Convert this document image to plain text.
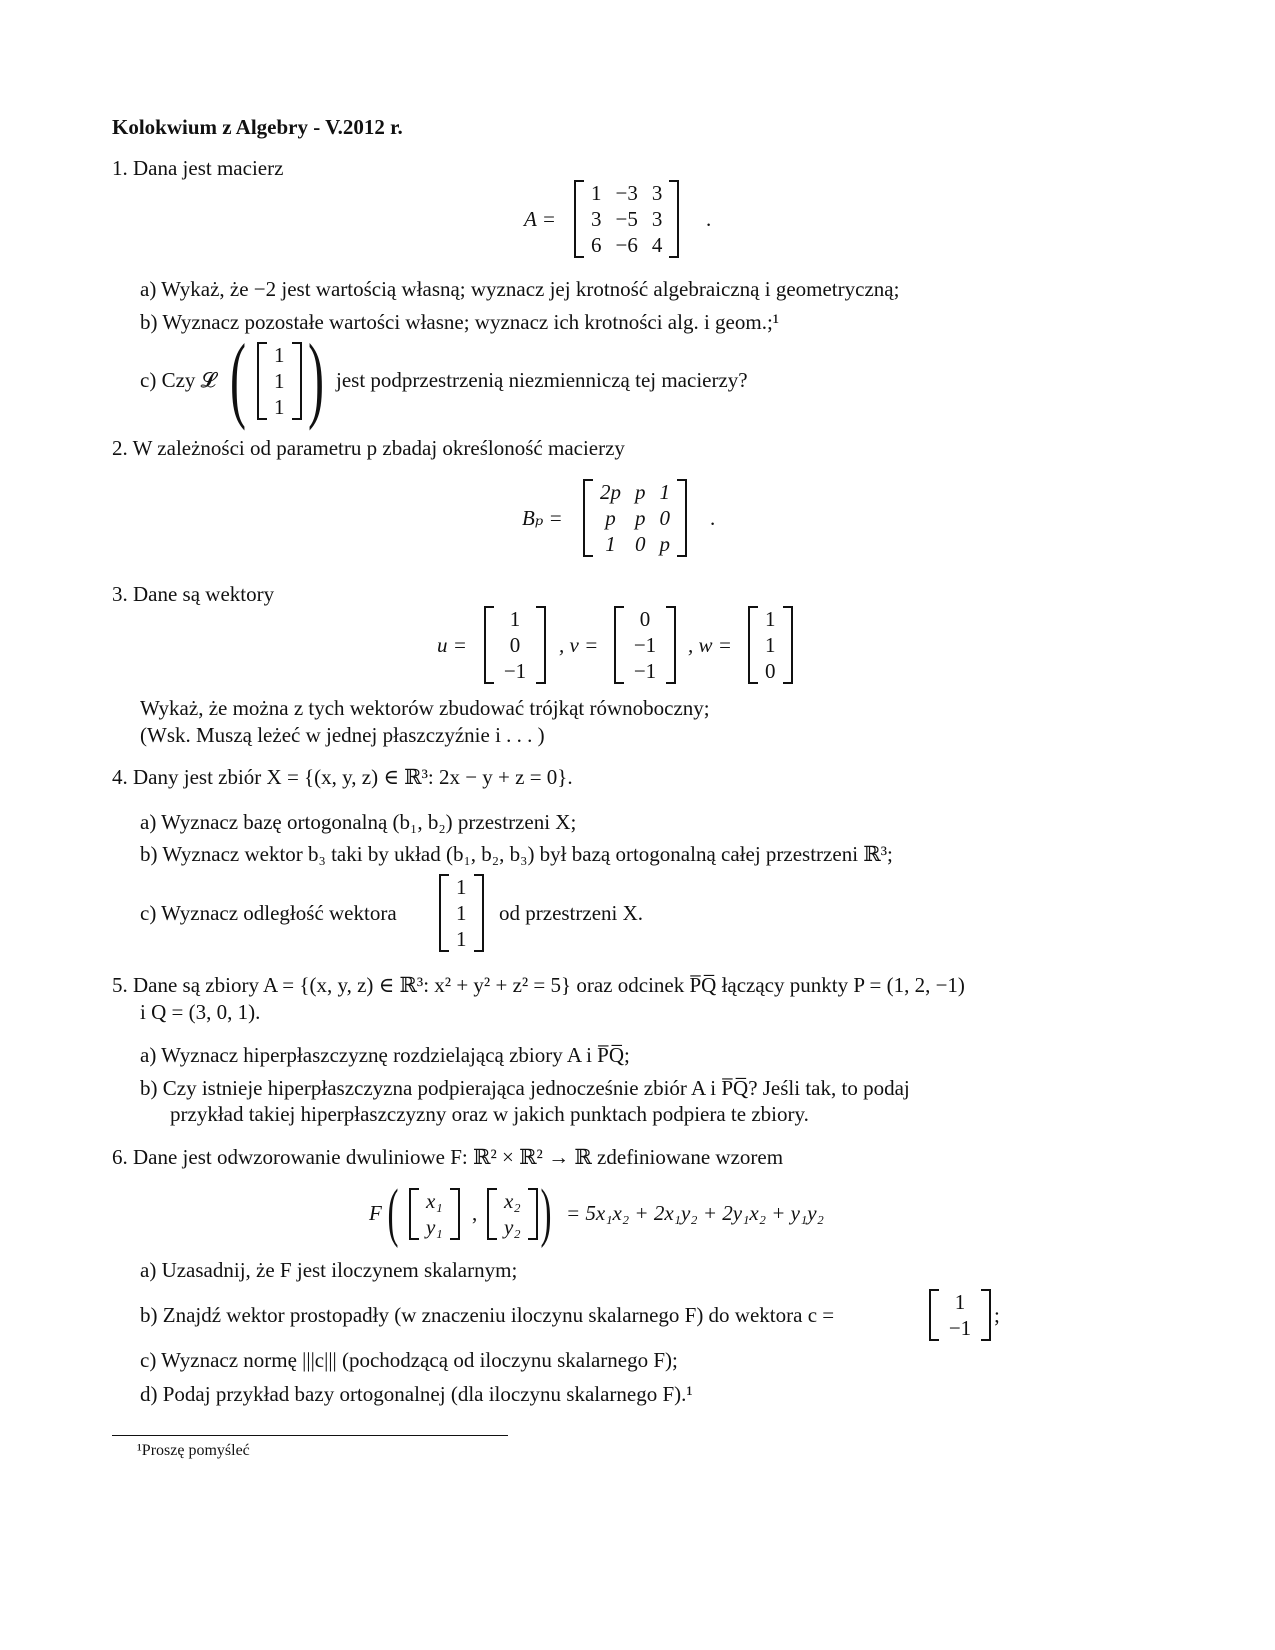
Kolokwium z Algebry - V.2012 r.
1. Dana jest macierz
A =
1	−3	3
3	−5	3
6	−6	4
.
a) Wykaż, że −2 jest wartością własną; wyznacz jej krotność algebraiczną i geometryczną;
b) Wyznacz pozostałe wartości własne; wyznacz ich krotności alg. i geom.;¹
c) Czy 𝓛 ( 1
1
1 ) jest podprzestrzenią niezmienniczą tej macierzy?
2. W zależności od parametru p zbadaj określoność macierzy
Bₚ =
2p	p	1
p	p	0
1	0	p
.
3. Dane są wektory
u =
1
0
−1
, v =
0
−1
−1
, w =
1
1
0
Wykaż, że można z tych wektorów zbudować trójkąt równoboczny;
(Wsk. Muszą leżeć w jednej płaszczyźnie i . . . )
4. Dany jest zbiór X = {(x, y, z) ∈ ℝ³: 2x − y + z = 0}.
a) Wyznacz bazę ortogonalną (b₁, b₂) przestrzeni X;
b) Wyznacz wektor b₃ taki by układ (b₁, b₂, b₃) był bazą ortogonalną całej przestrzeni ℝ³;
c) Wyznacz odległość wektora
1
1
1
od przestrzeni X.
5. Dane są zbiory A = {(x, y, z) ∈ ℝ³: x² + y² + z² = 5} oraz odcinek P̅Q̅ łączący punkty P = (1, 2, −1)
i Q = (3, 0, 1).
a) Wyznacz hiperpłaszczyznę rozdzielającą zbiory A i P̅Q̅;
b) Czy istnieje hiperpłaszczyzna podpierająca jednocześnie zbiór A i P̅Q̅? Jeśli tak, to podaj
przykład takiej hiperpłaszczyzny oraz w jakich punktach podpiera te zbiory.
6. Dane jest odwzorowanie dwuliniowe F: ℝ² × ℝ² → ℝ zdefiniowane wzorem
F ( x₁
y₁
, x₂
y₂ ) = 5x₁x₂ + 2x₁y₂ + 2y₁x₂ + y₁y₂
a) Uzasadnij, że F jest iloczynem skalarnym;
b) Znajdź wektor prostopadły (w znaczeniu iloczynu skalarnego F) do wektora c =
1
−1
;
c) Wyznacz normę |||c||| (pochodzącą od iloczynu skalarnego F);
d) Podaj przykład bazy ortogonalnej (dla iloczynu skalarnego F).¹
¹Proszę pomyśleć
